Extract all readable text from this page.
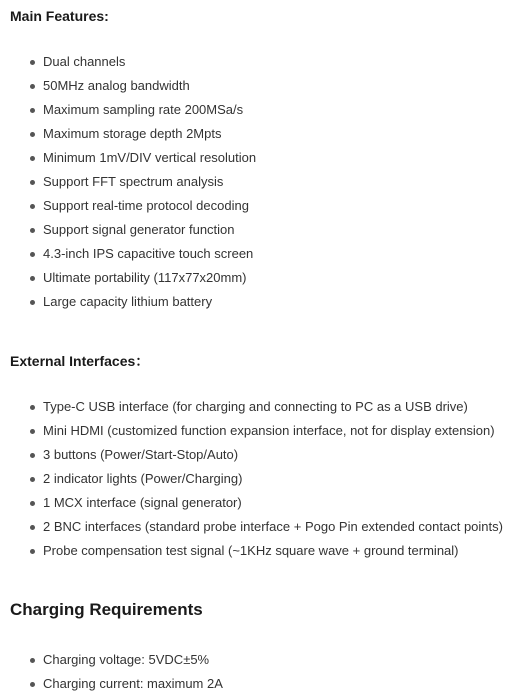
Main Features:
Dual channels
50MHz analog bandwidth
Maximum sampling rate 200MSa/s
Maximum storage depth 2Mpts
Minimum 1mV/DIV vertical resolution
Support FFT spectrum analysis
Support real-time protocol decoding
Support signal generator function
4.3-inch IPS capacitive touch screen
Ultimate portability (117x77x20mm)
Large capacity lithium battery
External Interfaces：
Type-C USB interface (for charging and connecting to PC as a USB drive)
Mini HDMI (customized function expansion interface, not for display extension)
3 buttons (Power/Start-Stop/Auto)
2 indicator lights (Power/Charging)
1 MCX interface (signal generator)
2 BNC interfaces (standard probe interface + Pogo Pin extended contact points)
Probe compensation test signal (~1KHz square wave + ground terminal)
Charging Requirements
Charging voltage: 5VDC±5%
Charging current: maximum 2A
